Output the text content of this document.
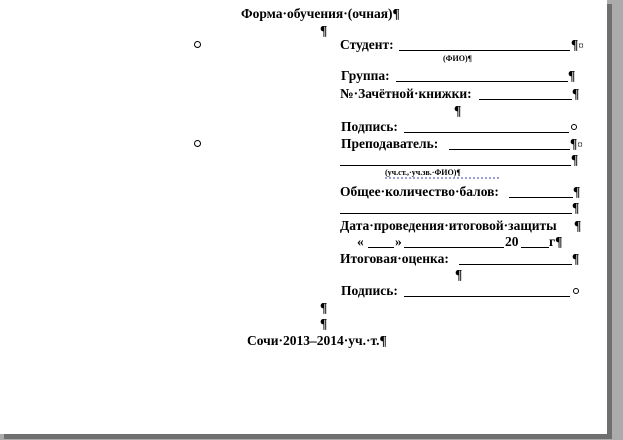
Форма·обучения·(очная)¶
¶
Студент:	¶¤
(ФИО)¶
Группа:	¶
№·Зачётной·книжки:	¶
¶
Подпись:
Преподаватель:	¶¤
¶
(уч.ст.,·уч.зв.·ФИО)¶
Общее·количество·балов:	¶
¶
Дата·проведения·итоговой·защиты ¶
« »	20 г¶
Итоговая·оценка:	¶
¶
Подпись:
¶
¶
Сочи·2013–2014·уч.·т.¶
